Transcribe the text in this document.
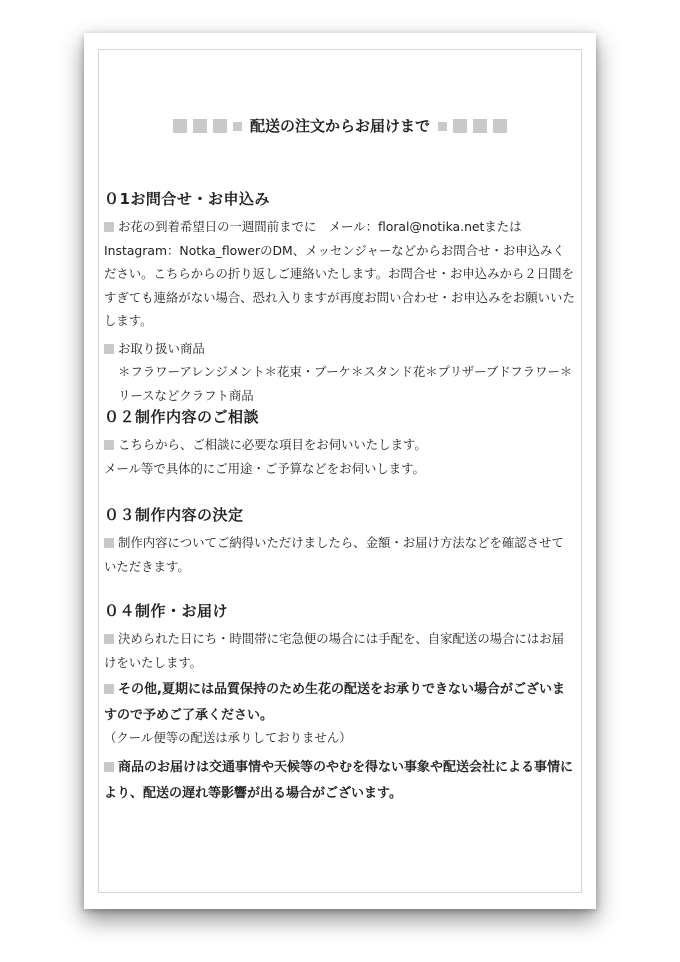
配送の注文からお届けまで
０1お問合せ・お申込み

お花の到着希望日の一週間前までに　メール：floral@notika.netまたはInstagram：Notka_flowerのDM、メッセンジャーなどからお問合せ・お申込みください。こちらからの折り返しご連絡いたします。お問合せ・お申込みから２日間をすぎても連絡がない場合、恐れ入りますが再度お問い合わせ・お申込みをお願いいたします。

お取り扱い商品

＊フラワーアレンジメント＊花束・ブーケ＊スタンド花＊プリザーブドフラワー＊リースなどクラフト商品

０２制作内容のご相談

こちらから、ご相談に必要な項目をお伺いいたします。

メール等で具体的にご用途・ご予算などをお伺いします。

０３制作内容の決定

制作内容についてご納得いただけましたら、金額・お届け方法などを確認させていただきます。

０４制作・お届け

決められた日にち・時間帯に宅急便の場合には手配を、自家配送の場合にはお届けをいたします。

その他,夏期には品質保持のため生花の配送をお承りできない場合がございますので予めご了承ください。

（クール便等の配送は承りしておりません）

商品のお届けは交通事情や天候等のやむを得ない事象や配送会社による事情により、配送の遅れ等影響が出る場合がございます。
